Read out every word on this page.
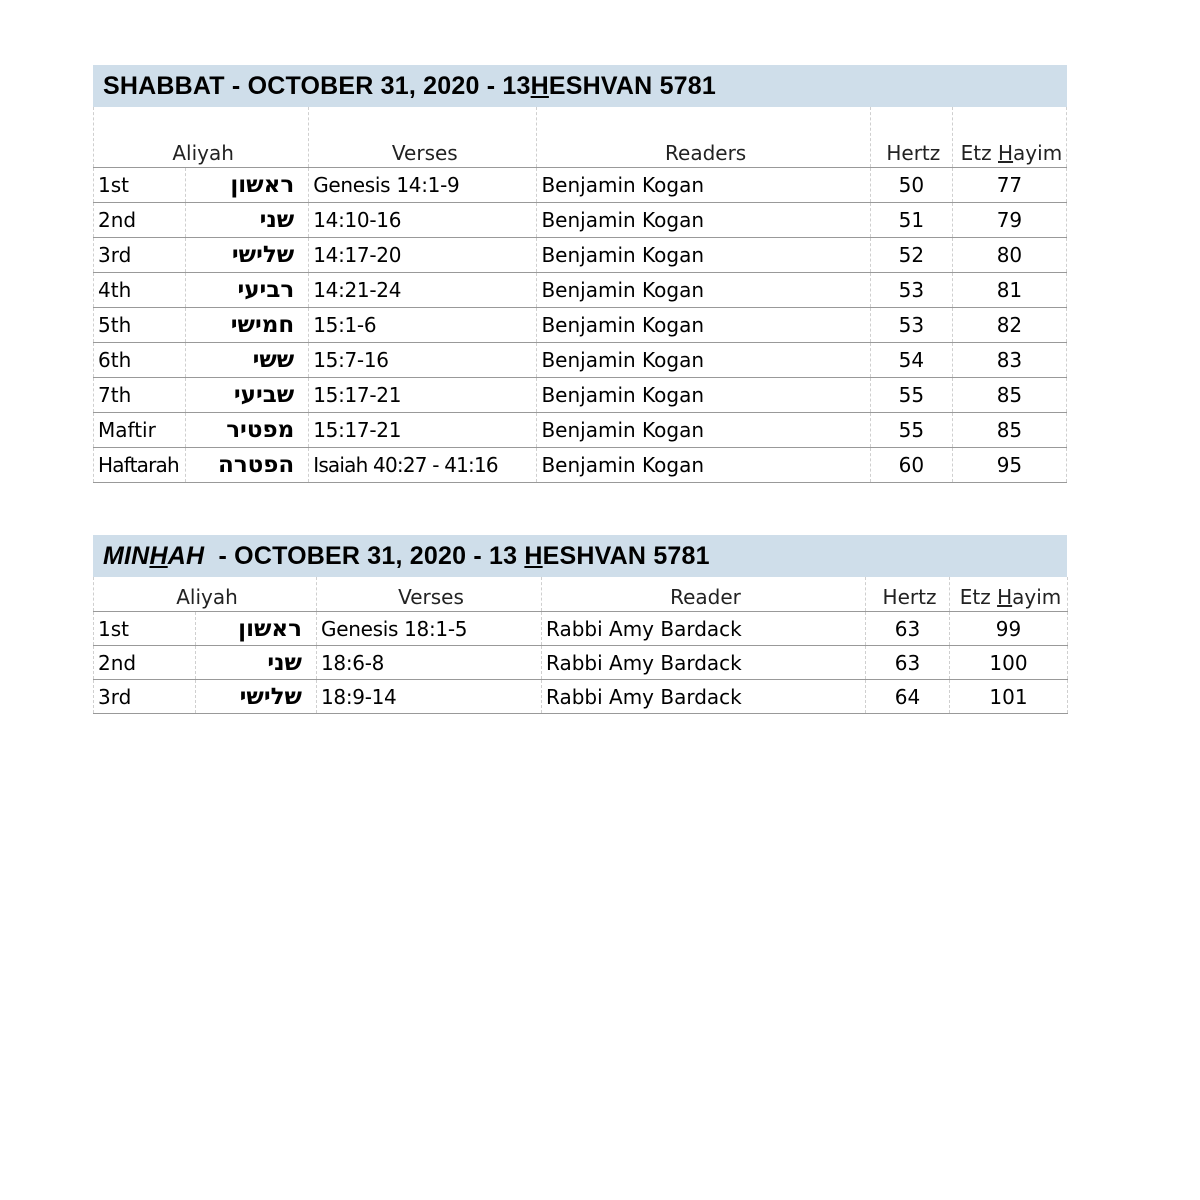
SHABBAT - OCTOBER 31, 2020 - 13 H ESHVAN 5781
Aliyah		Verses	Readers	Hertz	Etz Hayim
1st	ראשון	Genesis 14:1-9	Benjamin Kogan	50	77
2nd	שני	14:10-16	Benjamin Kogan	51	79
3rd	שלישי	14:17-20	Benjamin Kogan	52	80
4th	רביעי	14:21-24	Benjamin Kogan	53	81
5th	חמישי	15:1-6	Benjamin Kogan	53	82
6th	ששי	15:7-16	Benjamin Kogan	54	83
7th	שביעי	15:17-21	Benjamin Kogan	55	85
Maftir	מפטיר	15:17-21	Benjamin Kogan	55	85
Haftarah	הפטרה	Isaiah 40:27 - 41:16	Benjamin Kogan	60	95
MIN H AH - OCTOBER 31, 2020 - 13 H ESHVAN 5781
Aliyah		Verses	Reader	Hertz	Etz Hayim
1st	ראשון	Genesis 18:1-5	Rabbi Amy Bardack	63	99
2nd	שני	18:6-8	Rabbi Amy Bardack	63	100
3rd	שלישי	18:9-14	Rabbi Amy Bardack	64	101
